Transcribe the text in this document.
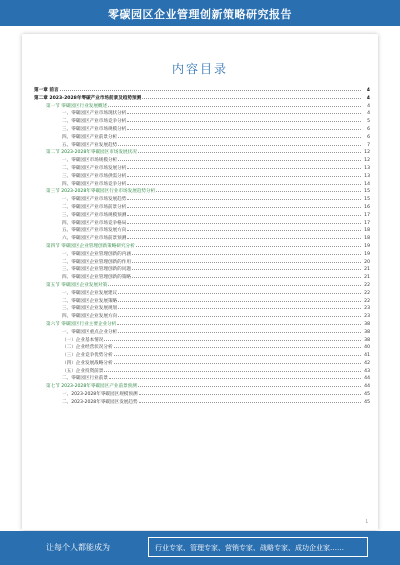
零碳园区企业管理创新策略研究报告
内容目录
第一章 前言	4
第二章 2023-2028年零碳产业市场前景及趋势预测	4
第一节 零碳园区行业发展概述	4
一、零碳园区产业市场现状分析	4
二、零碳园区产业市场竞争分析	5
三、零碳园区产业市场规模分析	6
四、零碳园区产业前景分析	6
五、零碳园区产业发展趋势	7
第二节 2023-2028年零碳园区市场发展状况	12
一、零碳园区市场规模分析	12
二、零碳园区产业市场发展分析	13
三、零碳园区产业市场供需分析	13
四、零碳园区产业市场竞争分析	14
第三节 2023-2028年零碳园区行业市场发展趋势分析	15
一、零碳园区产业市场发展趋势	15
二、零碳园区产业市场前景分析	16
三、零碳园区产业市场规模预测	17
四、零碳园区产业市场竞争格局	17
五、零碳园区产业市场发展方向	18
六、零碳园区产业市场前景预测	18
第四节 零碳园区企业管理创新策略研究分析	19
一、零碳园区企业管理创新的内涵	19
二、零碳园区企业管理创新的作用	20
三、零碳园区企业管理创新的问题	21
四、零碳园区企业管理创新的策略	21
第五节 零碳园区企业发展对策	22
一、零碳园区企业发展建议	22
二、零碳园区企业发展策略	22
三、零碳园区企业发展规划	23
四、零碳园区企业发展方向	23
第六节 零碳园区行业主要企业分析	38
一、零碳园区重点企业分析	38
（一）企业基本情况	38
（二）企业经营状况分析	40
（三）企业竞争优势分析	41
（四）企业发展战略分析	42
（五）企业投资前景	43
二、零碳园区行业前景	44
第七节 2023-2028年零碳园区产业前景预测	44
一、2023-2028年零碳园区规模预测	45
二、2023-2028年零碳园区发展趋势	45
1
让每个人都能成为	行业专家、管理专家、营销专家、战略专家、成功企业家……
